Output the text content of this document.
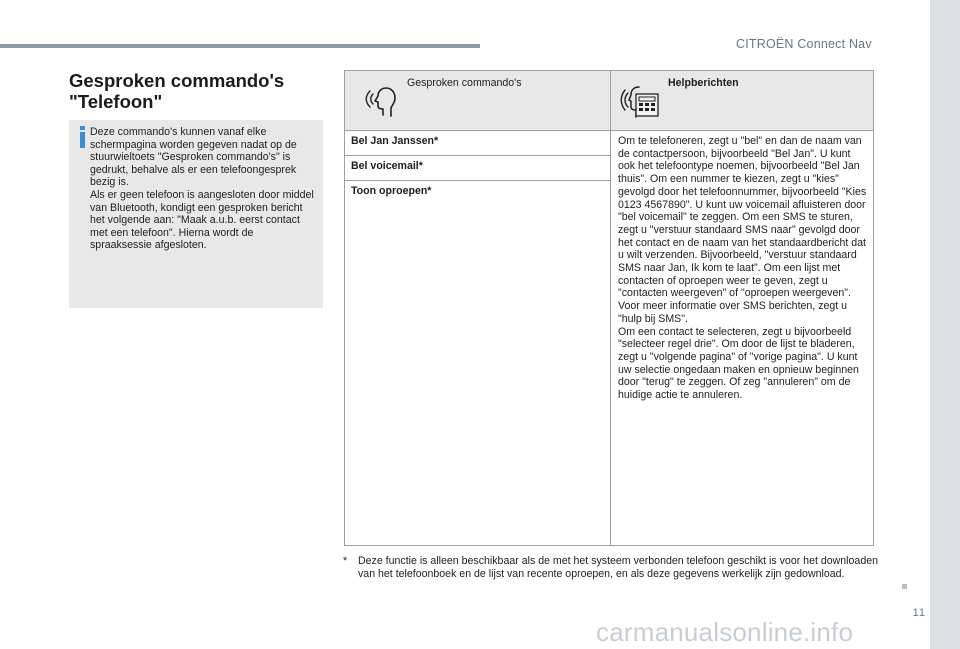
CITROËN Connect Nav
11
Gesproken commando's
"Telefoon"

Deze commando's kunnen vanaf elke schermpagina worden gegeven nadat op de stuurwieltoets "Gesproken commando's" is gedrukt, behalve als er een telefoongesprek bezig is.
Als er geen telefoon is aangesloten door middel van Bluetooth, kondigt een gesproken bericht het volgende aan: "Maak a.u.b. eerst contact met een telefoon". Hierna wordt de spraaksessie afgesloten.

Gesproken commando's	Helpberichten
Bel Jan Janssen*
Bel voicemail*
Toon oproepen*

Om te telefoneren, zegt u "bel" en dan de naam van de contactpersoon, bijvoorbeeld "Bel Jan". U kunt ook het telefoontype noemen, bijvoorbeeld "Bel Jan thuis". Om een nummer te kiezen, zegt u "kies" gevolgd door het telefoonnummer, bijvoorbeeld "Kies 0123 4567890". U kunt uw voicemail afluisteren door "bel voicemail" te zeggen. Om een SMS te sturen, zegt u "verstuur standaard SMS naar" gevolgd door het contact en de naam van het standaardbericht dat u wilt verzenden. Bijvoorbeeld, "verstuur standaard SMS naar Jan, Ik kom te laat". Om een lijst met contacten of oproepen weer te geven, zegt u "contacten weergeven" of "oproepen weergeven". Voor meer informatie over SMS berichten, zegt u "hulp bij SMS".
Om een contact te selecteren, zegt u bijvoorbeeld "selecteer regel drie". Om door de lijst te bladeren, zegt u "volgende pagina" of "vorige pagina". U kunt uw selectie ongedaan maken en opnieuw beginnen door "terug" te zeggen. Of zeg "annuleren" om de huidige actie te annuleren.

* Deze functie is alleen beschikbaar als de met het systeem verbonden telefoon geschikt is voor het downloaden van het telefoonboek en de lijst van recente oproepen, en als deze gegevens werkelijk zijn gedownload.
carmanualsonline.info
